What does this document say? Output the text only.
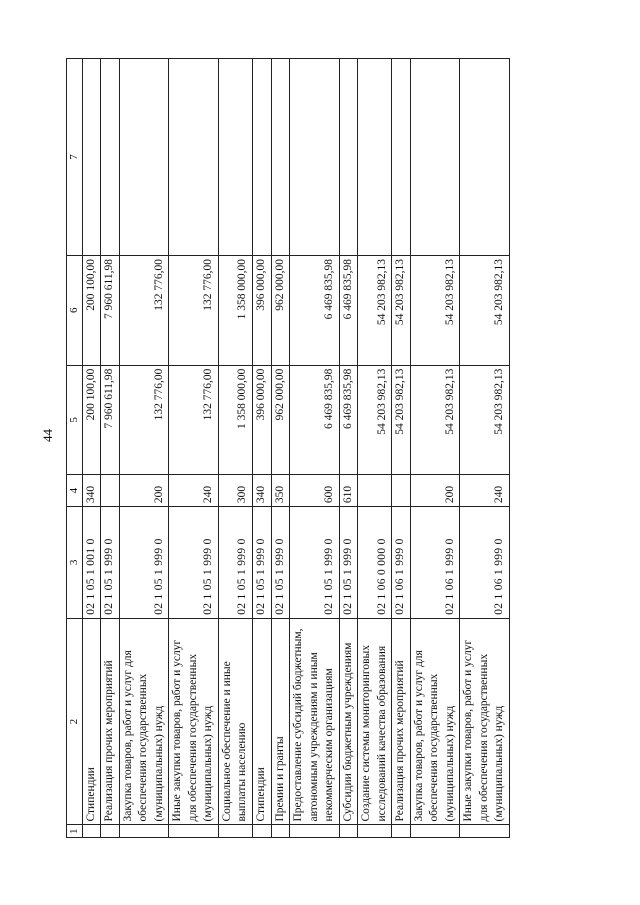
44
1	2	3	4	5	6	7
	Стипендии	02 1 05 1 001 0	340	200 100,00	200 100,00	
	Реализация прочих мероприятий	02 1 05 1 999 0		7 960 611,98	7 960 611,98	
	Закупка товаров, работ и услуг для обеспечения государственных (муниципальных) нужд	02 1 05 1 999 0	200	132 776,00	132 776,00	
	Иные закупки товаров, работ и услуг для обеспечения государственных (муниципальных) нужд	02 1 05 1 999 0	240	132 776,00	132 776,00	
	Социальное обеспечение и иные выплаты населению	02 1 05 1 999 0	300	1 358 000,00	1 358 000,00	
	Стипендии	02 1 05 1 999 0	340	396 000,00	396 000,00	
	Премии и гранты	02 1 05 1 999 0	350	962 000,00	962 000,00	
	Предоставление субсидий бюджетным, автономным учреждениям и иным некоммерческим организациям	02 1 05 1 999 0	600	6 469 835,98	6 469 835,98	
	Субсидии бюджетным учреждениям	02 1 05 1 999 0	610	6 469 835,98	6 469 835,98	
	Создание системы мониторинговых исследований качества образования	02 1 06 0 000 0		54 203 982,13	54 203 982,13	
	Реализация прочих мероприятий	02 1 06 1 999 0		54 203 982,13	54 203 982,13	
	Закупка товаров, работ и услуг для обеспечения государственных (муниципальных) нужд	02 1 06 1 999 0	200	54 203 982,13	54 203 982,13	
	Иные закупки товаров, работ и услуг для обеспечения государственных (муниципальных) нужд	02 1 06 1 999 0	240	54 203 982,13	54 203 982,13	
